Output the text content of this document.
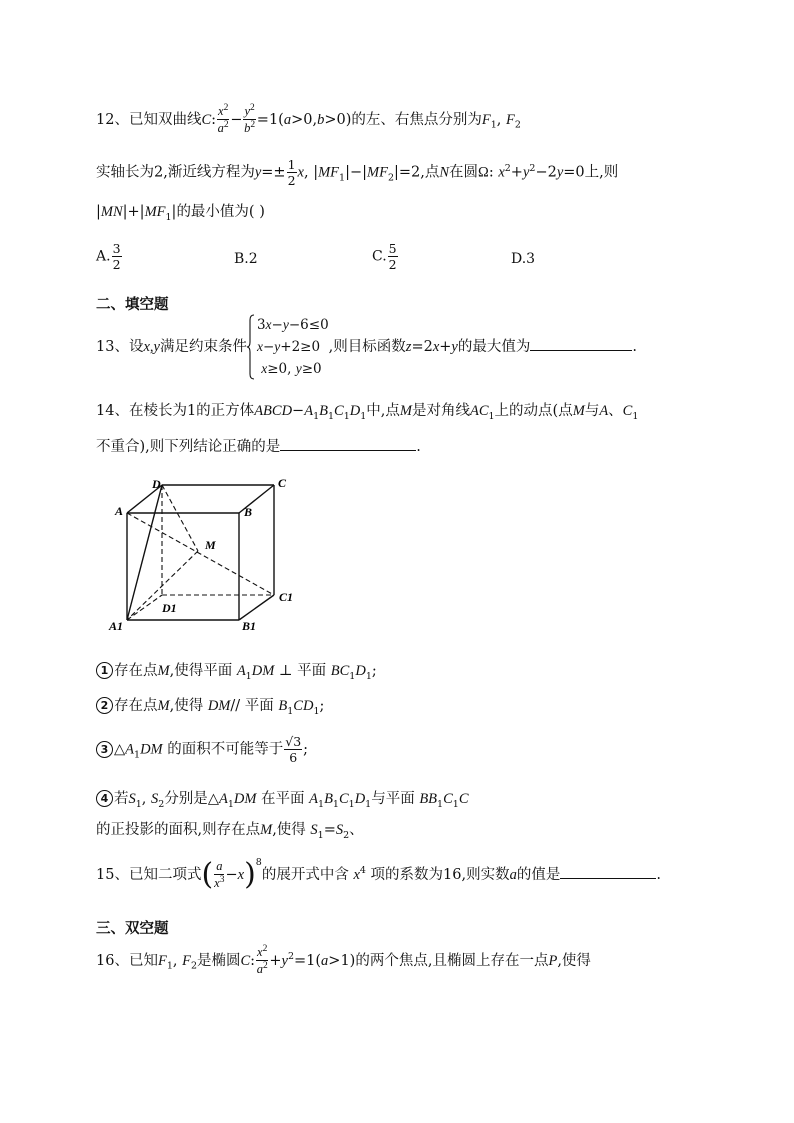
12、已知双曲线C: $\frac{x^2}{a^2} - \frac{y^2}{b^2} =1(a>0,b>0)$的左、右焦点分别为$F_1$, $F_2$
实轴长为2,渐近线方程为$y=\pm \frac{1}{2} x$, $|MF_1|-|MF_2|=2$,点N在圆Ω: $x^2+y^2-2y=0$上,则
$|MN|+|MF_1|$的最小值为( )
A. $\frac{3}{2}$	B.2	C. $\frac{5}{2}$	D.3
二、填空题
13、设x,y满足约束条件
3x−y−6≤0
x−y+2≥0
x≥0, y≥0
,则目标函数z=2x+y的最大值为	.
14、在棱长为1的正方体$ABCD-A_1B_1C_1D_1$中,点M是对角线$AC_1$上的动点(点M与A、$C_1$
不重合),则下列结论正确的是	.
D	C
A	B
M
D1
C1
A1	B1
1 存在点M,使得平面 $A_1DM$ ⊥ 平面 $BC_1D_1$;
2 存在点M,使得 DM// 平面 $B_1CD_1$;
3 $\triangle A_1DM$ 的面积不可能等于 $\frac{√3}{6}$ ;
4 若$S_1$, $S_2$分别是$\triangle A_1DM$ 在平面 $A_1B_1C_1D_1$与平面 $BB_1C_1C$
的正投影的面积,则存在点M,使得 $S_1=S_2$、
15、已知二项式( $\frac{a}{x^3} -x)^8$的展开式中含 $x^4$ 项的系数为16,则实数a的值是	.
三、双空题
16、已知$F_1$, $F_2$是椭圆C: $\frac{x^2}{a^2} +y^2=1(a>1)$的两个焦点,且椭圆上存在一点P,使得
